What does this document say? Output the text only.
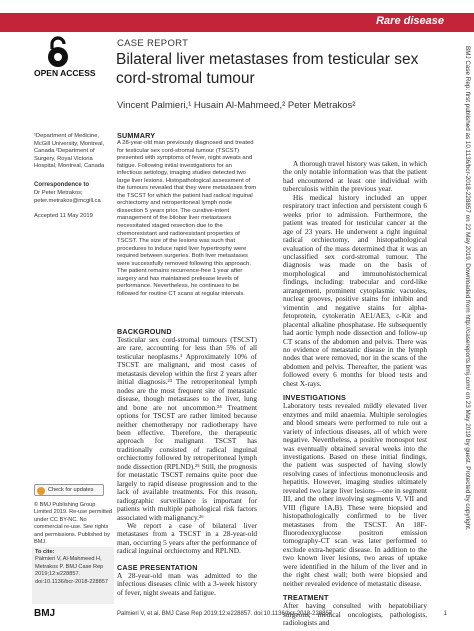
Rare disease
OPEN ACCESS
CASE REPORT
Bilateral liver metastases from testicular sex cord-stromal tumour
Vincent Palmieri,¹ Husain Al-Mahmeed,² Peter Metrakos²
¹Department of Medicine, McGill University, Montreal, Canada ²Department of Surgery, Royal Victoria Hospital, Montreal, Canada
Correspondence to
Dr Peter Metrakos; peter.metrakos@mcgill.ca
Accepted 11 May 2019
Check for updates
© BMJ Publishing Group Limited 2019. Re-use permitted under CC BY-NC. No commercial re-use. See rights and permissions. Published by BMJ.
To cite:
Palmieri V, Al-Mahmeed H, Metrakos P. BMJ Case Rep 2019;12:e228857. doi:10.1136/bcr-2018-228857
SUMMARY
A 28-year-old man previously diagnosed and treated for testicular sex cord-stromal tumour (TSCST) presented with symptoms of fever, night sweats and fatigue. Following initial investigations for an infectious aetiology, imaging studies detected two large liver lesions. Histopathological assessment of the tumours revealed that they were metastases from the TSCST for which the patient had radical inguinal orchiectomy and retroperitoneal lymph node dissection 5 years prior. The curative-intent management of the bilobar liver metastases necessitated staged resection due to the chemoresistant and radioresistant properties of TSCST. The size of the lesions was such that procedures to induce rapid liver hypertrophy were required between surgeries. Both liver metastases were successfully removed following this approach. The patient remains recurrence-free 1 year after surgery and has maintained preliease levels of performance. Nevertheless, he continues to be followed for routine CT scans at regular intervals.
BACKGROUND

Testicular sex cord-stromal tumours (TSCST) are rare, accounting for less than 5% of all testicular neoplasms.¹ Approximately 10% of TSCST are malignant, and most cases of metastasis develop within the first 2 years after initial diagnosis.²³ The retroperitoneal lymph nodes are the most frequent site of metastatic disease, though metastases to the liver, lung and bone are not uncommon.²⁴ Treatment options for TSCST are rather limited because neither chemotherapy nor radiotherapy have been effective. Therefore, the therapeutic approach for malignant TSCST has traditionally consisted of radical inguinal orchiectomy followed by retroperitoneal lymph node dissection (RPLND).²⁵ Still, the prognosis for metastatic TSCST remains quite poor due largely to rapid disease progression and to the lack of available treatments. For this reason, radiographic surveillance is important for patients with multiple pathological risk factors associated with malignancy.²⁶

We report a case of bilateral liver metastases from a TSCST in a 28-year-old man, occurring 5 years after the performance of radical inguinal orchiectomy and RPLND.

CASE PRESENTATION

A 28-year-old man was admitted to the infectious diseases clinic with a 3-week history of fever, night sweats and fatigue.

A thorough travel history was taken, in which the only notable information was that the patient had encountered at least one individual with tuberculosis within the previous year.

His medical history included an upper respiratory tract infection and persistent cough 6 weeks prior to admission. Furthermore, the patient was treated for testicular cancer at the age of 23 years. He underwent a right inguinal radical orchiectomy, and histopathological evaluation of the mass determined that it was an unclassified sex cord-stromal tumour. The diagnosis was made on the basis of morphological and immunohistochemical findings, including: trabecular and cord-like arrangement, prominent cytoplasmic vacuoles, nuclear grooves, positive stains for inhibin and vimentin and negative stains for alpha-fetoprotein, cytokeratin AE1/AE3, c-Kit and placental alkaline phosphatase. He subsequently had aortic lymph node dissection and follow-up CT scans of the abdomen and pelvis. There was no evidence of metastatic disease in the lymph nodes that were removed, nor in the scans of the abdomen and pelvis. Thereafter, the patient was followed every 6 months for blood tests and chest X-rays.

INVESTIGATIONS

Laboratory tests revealed mildly elevated liver enzymes and mild anaemia. Multiple serologies and blood smears were performed to rule out a variety of infectious diseases, all of which were negative. Nevertheless, a positive monospot test was eventually obtained several weeks into the investigations. Based on these initial findings, the patient was suspected of having slowly resolving cases of infectious mononucleosis and hepatitis. However, imaging studies ultimately revealed two large liver lesions—one in segment III, and the other involving segments V, VII and VIII (figure 1A,B). These were biopsied and histopathologically confirmed to be liver metastases from the TSCST. An 18F-fluorodeoxyglucose positron emission tomography-CT scan was later performed to exclude extra-hepatic disease. In addition to the two known liver lesions, two areas of uptake were identified in the hilum of the liver and in the right chest wall; both were biopsied and neither revealed evidence of metastatic disease.

TREATMENT

After having consulted with hepatobiliary surgeons, medical oncologists, pathologists, radiologists and

BMJ	Palmieri V, et al. BMJ Case Rep 2019;12:e228857. doi:10.1136/bcr-2018-228857	1
BMJ Case Rep: first published as 10.1136/bcr-2018-228857 on 22 May 2019. Downloaded from http://casereports.bmj.com/ on 23 May 2019 by guest. Protected by copyright.
